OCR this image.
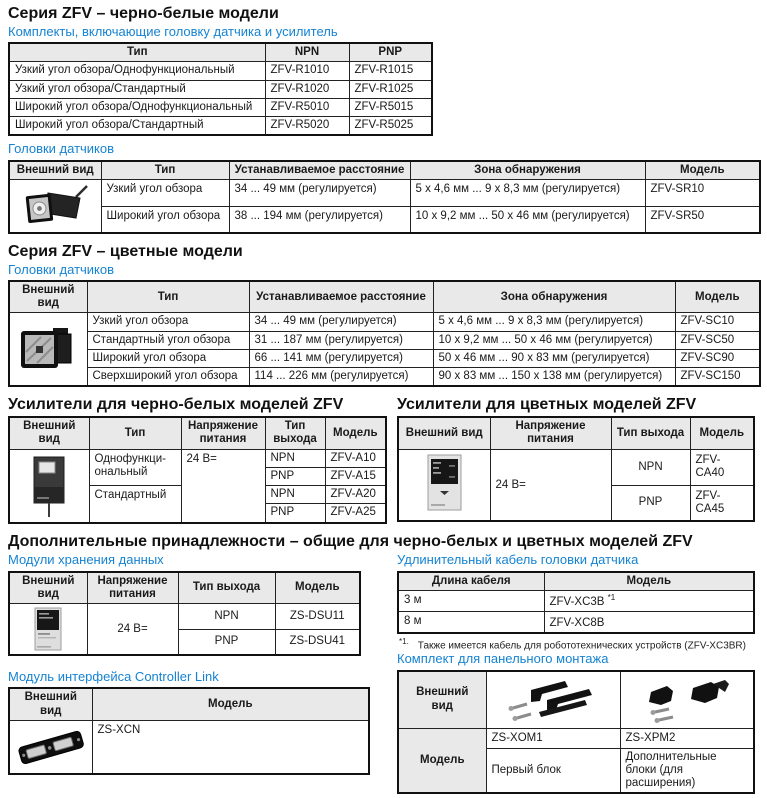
Серия ZFV – черно-белые модели
Комплекты, включающие головку датчика и усилитель
Тип	NPN	PNP
Узкий угол обзора/Однофункциональный	ZFV-R1010	ZFV-R1015
Узкий угол обзора/Стандартный	ZFV-R1020	ZFV-R1025
Широкий угол обзора/Однофункциональный	ZFV-R5010	ZFV-R5015
Широкий угол обзора/Стандартный	ZFV-R5020	ZFV-R5025
Головки датчиков
Внешний вид	Тип	Устанавливаемое расстояние	Зона обнаружения	Модель

	Узкий угол обзора	34 ... 49 мм (регулируется)	5 x 4,6 мм ... 9 x 8,3 мм (регулируется)	ZFV-SR10
	Широкий угол обзора	38 ... 194 мм (регулируется)	10 x 9,2 мм ... 50 x 46 мм (регулируется)	ZFV-SR50
Серия ZFV – цветные модели
Головки датчиков
Внешний вид	Тип	Устанавливаемое расстояние	Зона обнаружения	Модель

	Узкий угол обзора	34 ... 49 мм (регулируется)	5 x 4,6 мм ... 9 x 8,3 мм (регулируется)	ZFV-SC10
	Стандартный угол обзора	31 ... 187 мм (регулируется)	10 x 9,2 мм ... 50 x 46 мм (регулируется)	ZFV-SC50
	Широкий угол обзора	66 ... 141 мм (регулируется)	50 x 46 мм ... 90 x 83 мм (регулируется)	ZFV-SC90
	Сверхширокий угол обзора	114 ... 226 мм (регулируется)	90 x 83 мм ... 150 x 138 мм (регулируется)	ZFV-SC150
Усилители для черно-белых моделей ZFV
Внешний вид	Тип	Напряжение питания	Тип выхода	Модель

	Однофункци-ональный	24 В=	NPN	ZFV-A10
			PNP	ZFV-A15
	Стандартный		NPN	ZFV-A20
			PNP	ZFV-A25
Усилители для цветных моделей ZFV
Внешний вид	Напряжение питания	Тип выхода	Модель

	24 В=	NPN	ZFV-CA40
		PNP	ZFV-CA45
Дополнительные принадлежности – общие для черно-белых и цветных моделей ZFV
Модули хранения данных
Внешний вид	Напряжение питания	Тип выхода	Модель

	24 В=	NPN	ZS-DSU11
		PNP	ZS-DSU41
Модуль интерфейса Controller Link
Внешний вид	Модель

	ZS-XCN
Удлинительный кабель головки датчика
Длина кабеля	Модель
3 м	ZFV-XC3B $^{*1}$
8 м	ZFV-XC8B
$^{*1.}$ Также имеется кабель для робототехнических устройств (ZFV-XC3BR)
Комплект для панельного монтажа
Внешний вид	

Модель	ZS-XOM1	ZS-XPM2
	Первый блок	Дополнительные блоки (для расширения)
